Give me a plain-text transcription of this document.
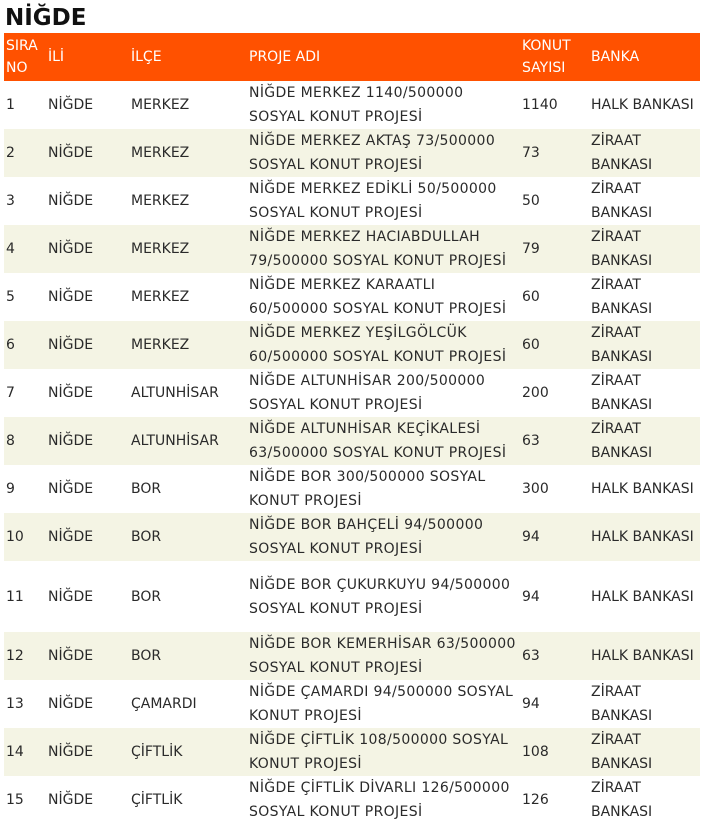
NİĞDE
SIRA NO	İLİ	İLÇE	PROJE ADI	KONUT SAYISI	BANKA
1	NİĞDE	MERKEZ	NİĞDE MERKEZ 1140/500000 SOSYAL KONUT PROJESİ	1140	HALK BANKASI
2	NİĞDE	MERKEZ	NİĞDE MERKEZ AKTAŞ 73/500000 SOSYAL KONUT PROJESİ	73	ZİRAAT BANKASI
3	NİĞDE	MERKEZ	NİĞDE MERKEZ EDİKLİ 50/500000 SOSYAL KONUT PROJESİ	50	ZİRAAT BANKASI
4	NİĞDE	MERKEZ	NİĞDE MERKEZ HACIABDULLAH 79/500000 SOSYAL KONUT PROJESİ	79	ZİRAAT BANKASI
5	NİĞDE	MERKEZ	NİĞDE MERKEZ KARAATLI 60/500000 SOSYAL KONUT PROJESİ	60	ZİRAAT BANKASI
6	NİĞDE	MERKEZ	NİĞDE MERKEZ YEŞİLGÖLCÜK 60/500000 SOSYAL KONUT PROJESİ	60	ZİRAAT BANKASI
7	NİĞDE	ALTUNHİSAR	NİĞDE ALTUNHİSAR 200/500000 SOSYAL KONUT PROJESİ	200	ZİRAAT BANKASI
8	NİĞDE	ALTUNHİSAR	NİĞDE ALTUNHİSAR KEÇİKALESİ 63/500000 SOSYAL KONUT PROJESİ	63	ZİRAAT BANKASI
9	NİĞDE	BOR	NİĞDE BOR 300/500000 SOSYAL KONUT PROJESİ	300	HALK BANKASI
10	NİĞDE	BOR	NİĞDE BOR BAHÇELİ 94/500000 SOSYAL KONUT PROJESİ	94	HALK BANKASI
11	NİĞDE	BOR	NİĞDE BOR ÇUKURKUYU 94/500000 SOSYAL KONUT PROJESİ	94	HALK BANKASI
12	NİĞDE	BOR	NİĞDE BOR KEMERHİSAR 63/500000 SOSYAL KONUT PROJESİ	63	HALK BANKASI
13	NİĞDE	ÇAMARDI	NİĞDE ÇAMARDI 94/500000 SOSYAL KONUT PROJESİ	94	ZİRAAT BANKASI
14	NİĞDE	ÇİFTLİK	NİĞDE ÇİFTLİK 108/500000 SOSYAL KONUT PROJESİ	108	ZİRAAT BANKASI
15	NİĞDE	ÇİFTLİK	NİĞDE ÇİFTLİK DİVARLI 126/500000 SOSYAL KONUT PROJESİ	126	ZİRAAT BANKASI
